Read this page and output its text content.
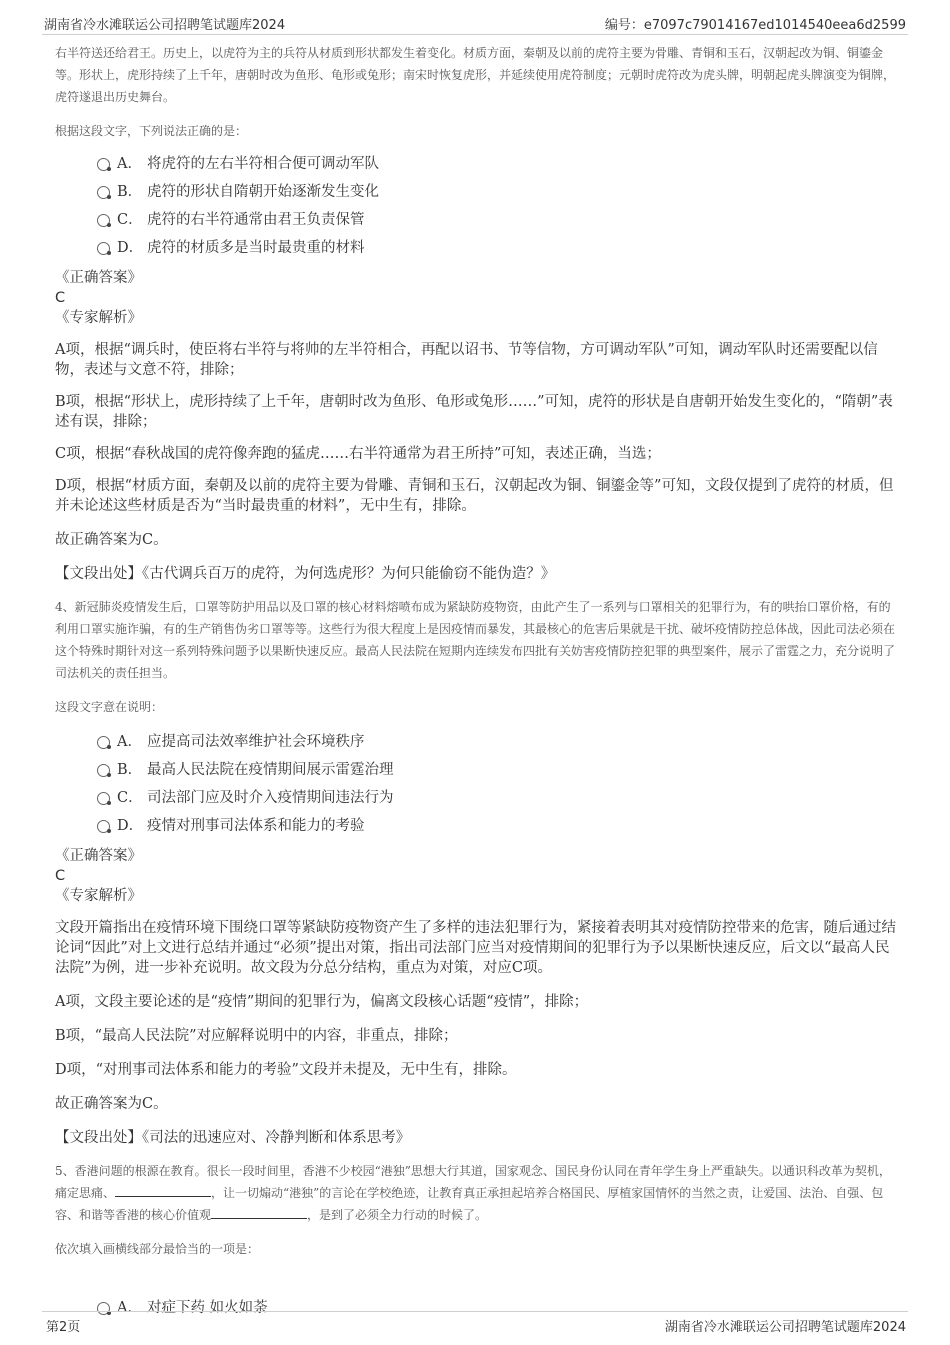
湖南省冷水滩联运公司招聘笔试题库2024	编号：e7097c79014167ed1014540eea6d2599

右半符送还给君王。历史上，以虎符为主的兵符从材质到形状都发生着变化。材质方面，秦朝及以前的虎符主要为骨雕、青铜和玉石，汉朝起改为铜、铜鎏金等。形状上，虎形持续了上千年，唐朝时改为鱼形、龟形或兔形；南宋时恢复虎形，并延续使用虎符制度；元朝时虎符改为虎头牌，明朝起虎头牌演变为铜牌，虎符遂退出历史舞台。

根据这段文字，下列说法正确的是：

A． 将虎符的左右半符相合便可调动军队
B． 虎符的形状自隋朝开始逐渐发生变化
C． 虎符的右半符通常由君王负责保管
D． 虎符的材质多是当时最贵重的材料

《正确答案》

C

《专家解析》

A项，根据“调兵时，使臣将右半符与将帅的左半符相合，再配以诏书、节等信物，方可调动军队”可知，调动军队时还需要配以信物，表述与文意不符，排除；

B项，根据“形状上，虎形持续了上千年，唐朝时改为鱼形、龟形或兔形……”可知，虎符的形状是自唐朝开始发生变化的，“隋朝”表述有误，排除；

C项，根据“春秋战国的虎符像奔跑的猛虎……右半符通常为君王所持”可知，表述正确，当选；

D项，根据“材质方面，秦朝及以前的虎符主要为骨雕、青铜和玉石，汉朝起改为铜、铜鎏金等”可知，文段仅提到了虎符的材质，但并未论述这些材质是否为“当时最贵重的材料”，无中生有，排除。

故正确答案为C。

【文段出处】《古代调兵百万的虎符，为何选虎形？为何只能偷窃不能伪造？》

4、新冠肺炎疫情发生后，口罩等防护用品以及口罩的核心材料熔喷布成为紧缺防疫物资，由此产生了一系列与口罩相关的犯罪行为，有的哄抬口罩价格，有的利用口罩实施诈骗，有的生产销售伪劣口罩等等。这些行为很大程度上是因疫情而暴发，其最核心的危害后果就是干扰、破坏疫情防控总体战，因此司法必须在这个特殊时期针对这一系列特殊问题予以果断快速反应。最高人民法院在短期内连续发布四批有关妨害疫情防控犯罪的典型案件，展示了雷霆之力，充分说明了司法机关的责任担当。

这段文字意在说明：

A． 应提高司法效率维护社会环境秩序
B． 最高人民法院在疫情期间展示雷霆治理
C． 司法部门应及时介入疫情期间违法行为
D． 疫情对刑事司法体系和能力的考验

《正确答案》

C

《专家解析》

文段开篇指出在疫情环境下围绕口罩等紧缺防疫物资产生了多样的违法犯罪行为，紧接着表明其对疫情防控带来的危害，随后通过结论词“因此”对上文进行总结并通过“必须”提出对策，指出司法部门应当对疫情期间的犯罪行为予以果断快速反应，后文以“最高人民法院”为例，进一步补充说明。故文段为分总分结构，重点为对策，对应C项。

A项，文段主要论述的是“疫情”期间的犯罪行为，偏离文段核心话题“疫情”，排除；

B项，“最高人民法院”对应解释说明中的内容，非重点，排除；

D项，“对刑事司法体系和能力的考验”文段并未提及，无中生有，排除。

故正确答案为C。

【文段出处】《司法的迅速应对、冷静判断和体系思考》

5、香港问题的根源在教育。很长一段时间里，香港不少校园“港独”思想大行其道，国家观念、国民身份认同在青年学生身上严重缺失。以通识科改革为契机，痛定思痛、	，让一切煽动“港独”的言论在学校绝迹，让教育真正承担起培养合格国民、厚植家国情怀的当然之责，让爱国、法治、自强、包容、和谐等香港的核心价值观	，是到了必须全力行动的时候了。

依次填入画横线部分最恰当的一项是：

A． 对症下药 如火如荼
第2页	湖南省冷水滩联运公司招聘笔试题库2024
